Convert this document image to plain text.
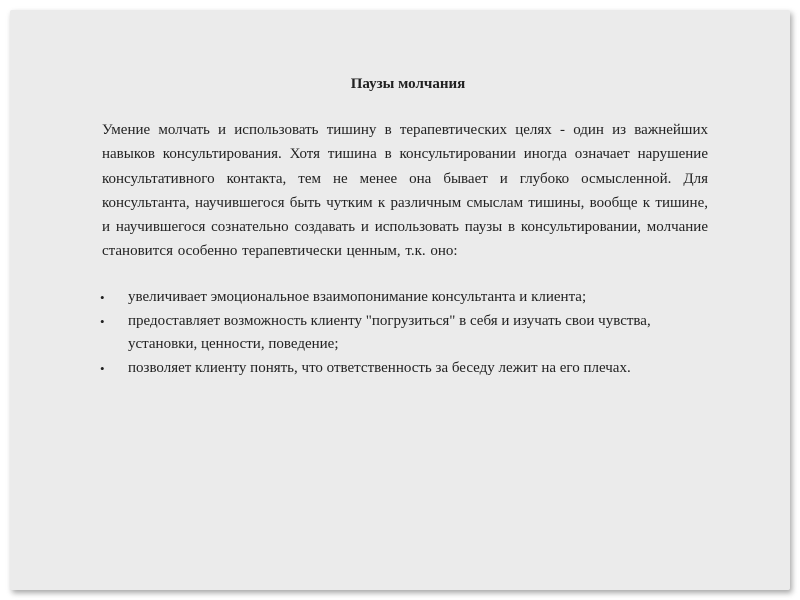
Паузы молчания
Умение молчать и использовать тишину в терапевтических целях - один из важнейших навыков консультирования. Хотя тишина в консультировании иногда означает нарушение консультативного контакта, тем не менее она бывает и глубоко осмысленной. Для консультанта, научившегося быть чутким к различным смыслам тишины, вообще к тишине, и научившегося сознательно создавать и использовать паузы в консультировании, молчание становится особенно терапевтически ценным, т.к. оно:
• увеличивает эмоциональное взаимопонимание консультанта и клиента;
• предоставляет возможность клиенту "погрузиться" в себя и изучать свои чувства, установки, ценности, поведение;
• позволяет клиенту понять, что ответственность за беседу лежит на его плечах.
